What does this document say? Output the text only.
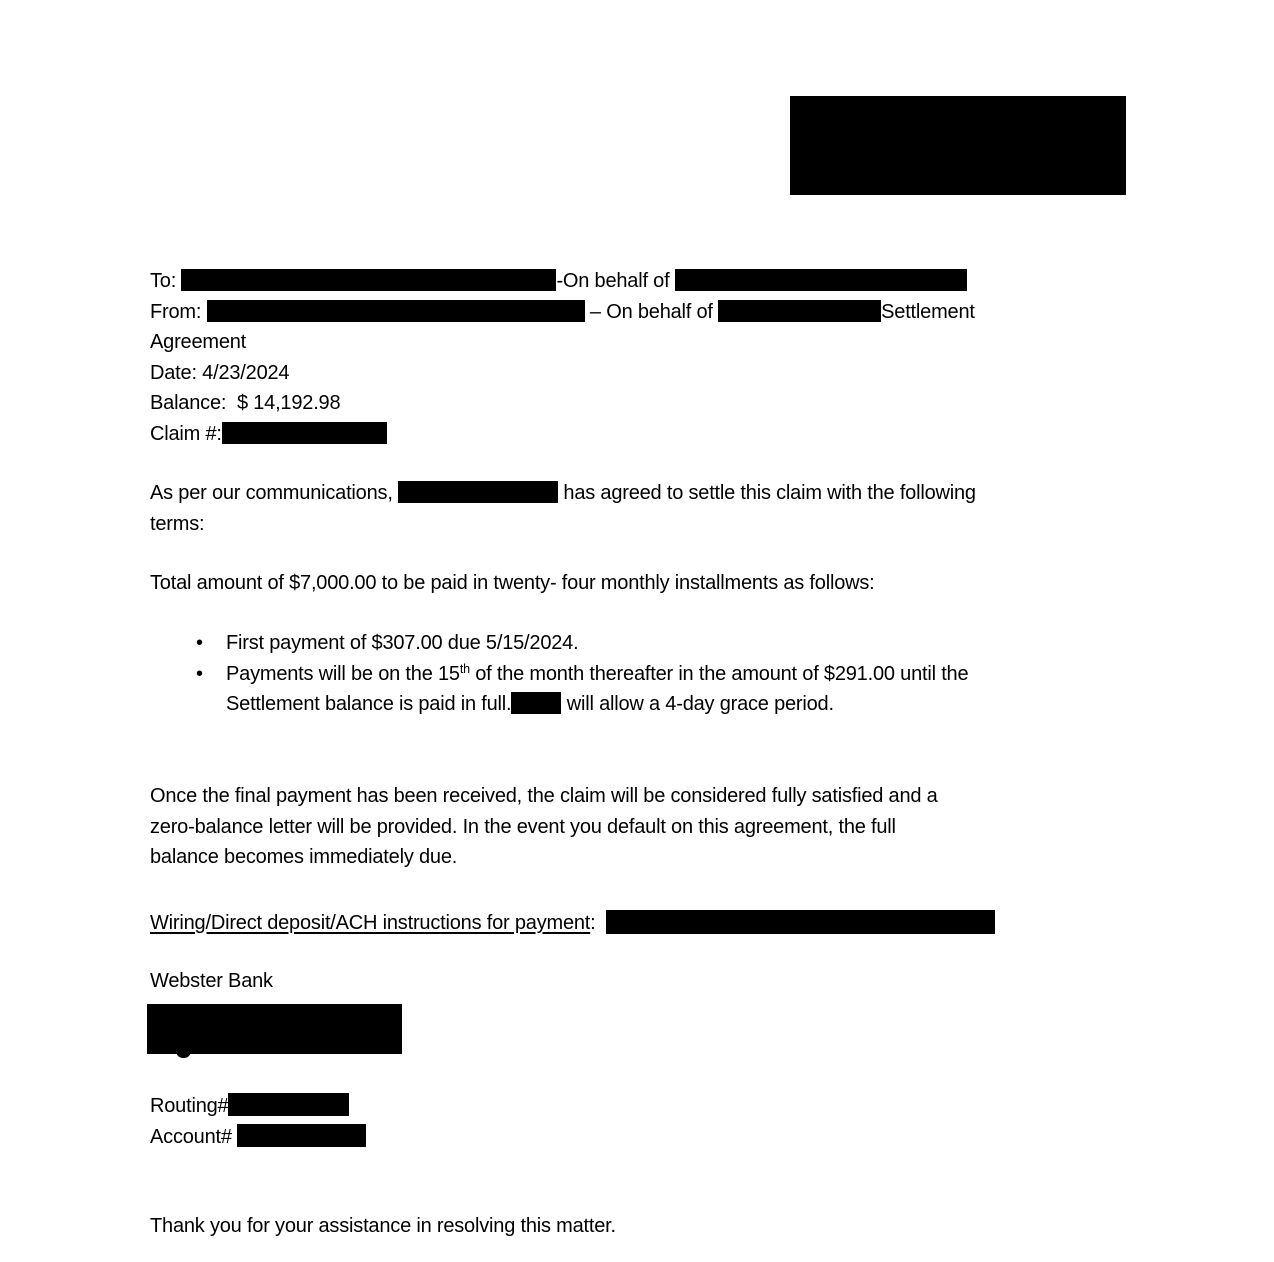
To:	-On behalf of
From:	– On behalf of	Settlement
Agreement
Date: 4/23/2024
Balance:  $ 14,192.98
Claim #:
As per our communications,	has agreed to settle this claim with the following
terms:
Total amount of $7,000.00 to be paid in twenty- four monthly installments as follows:
• First payment of $307.00 due 5/15/2024.
• Payments will be on the 15th of the month thereafter in the amount of $291.00 until the
Settlement balance is paid in full.	will allow a 4-day grace period.
Once the final payment has been received, the claim will be considered fully satisfied and a
zero-balance letter will be provided. In the event you default on this agreement, the full
balance becomes immediately due.
Wiring/Direct deposit/ACH instructions for payment:
Webster Bank
Routing#
Account#
Thank you for your assistance in resolving this matter.
